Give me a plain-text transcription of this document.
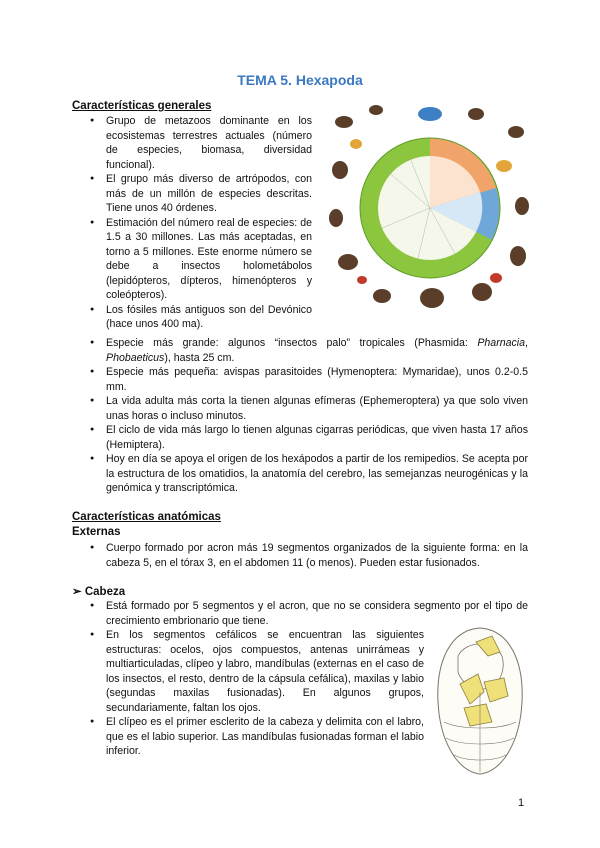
TEMA 5. Hexapoda
Características generales
● Grupo de metazoos dominante en los ecosistemas terrestres actuales (número de especies, biomasa, diversidad funcional).
● El grupo más diverso de artrópodos, con más de un millón de especies descritas. Tiene unos 40 órdenes.
● Estimación del número real de especies: de 1.5 a 30 millones. Las más aceptadas, en torno a 5 millones. Este enorme número se debe a insectos holometábolos (lepidópteros, dípteros, himenópteros y coleópteros).
● Los fósiles más antiguos son del Devónico (hace unos 400 ma).
● Especie más grande: algunos “insectos palo” tropicales (Phasmida: Pharnacia, Phobaeticus), hasta 25 cm.
● Especie más pequeña: avispas parasitoides (Hymenoptera: Mymaridae), unos 0.2-0.5 mm.
● La vida adulta más corta la tienen algunas efímeras (Ephemeroptera) ya que solo viven unas horas o incluso minutos.
● El ciclo de vida más largo lo tienen algunas cigarras periódicas, que viven hasta 17 años (Hemiptera).
● Hoy en día se apoya el origen de los hexápodos a partir de los remipedios. Se acepta por la estructura de los omatidios, la anatomía del cerebro, las semejanzas neurogénicas y la genómica y transcriptómica.
Características anatómicas
Externas
● Cuerpo formado por acron más 19 segmentos organizados de la siguiente forma: en la cabeza 5, en el tórax 3, en el abdomen 11 (o menos). Pueden estar fusionados.
➢ Cabeza
● Está formado por 5 segmentos y el acron, que no se considera segmento por el tipo de crecimiento embrionario que tiene.
● En los segmentos cefálicos se encuentran las siguientes estructuras: ocelos, ojos compuestos, antenas unirrámeas y multiarticuladas, clípeo y labro, mandíbulas (externas en el caso de los insectos, el resto, dentro de la cápsula cefálica), maxilas y labio (segundas maxilas fusionadas). En algunos grupos, secundariamente, faltan los ojos.
● El clípeo es el primer esclerito de la cabeza y delimita con el labro, que es el labio superior. Las mandíbulas fusionadas forman el labio inferior.
1
